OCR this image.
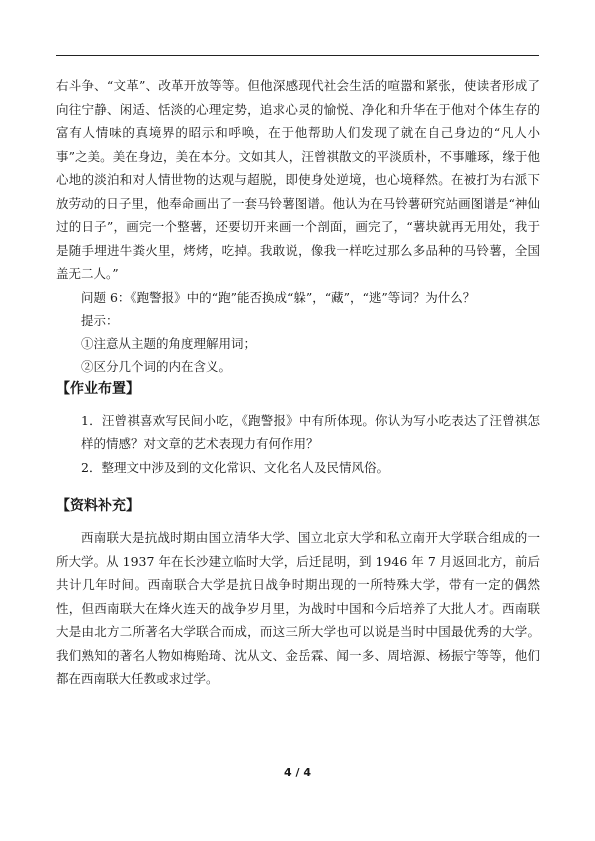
右斗争、“文革”、改革开放等等。但他深感现代社会生活的喧嚣和紧张，使读者形成了向往宁静、闲适、恬淡的心理定势，追求心灵的愉悦、净化和升华在于他对个体生存的富有人情味的真境界的昭示和呼唤，在于他帮助人们发现了就在自己身边的“凡人小事”之美。美在身边，美在本分。文如其人，汪曾祺散文的平淡质朴，不事雕琢，缘于他心地的淡泊和对人情世物的达观与超脱，即使身处逆境，也心境释然。在被打为右派下放劳动的日子里，他奉命画出了一套马铃薯图谱。他认为在马铃薯研究站画图谱是“神仙过的日子”，画完一个整薯，还要切开来画一个剖面，画完了，“薯块就再无用处，我于是随手埋进牛粪火里，烤烤，吃掉。我敢说，像我一样吃过那么多品种的马铃薯，全国盖无二人。”

问题 6：《跑警报》中的“跑”能否换成“躲”，“藏”，“逃”等词？为什么？

提示：

①注意从主题的角度理解用词；

②区分几个词的内在含义。

【作业布置】

1．汪曾祺喜欢写民间小吃，《跑警报》中有所体现。你认为写小吃表达了汪曾祺怎样的情感？对文章的艺术表现力有何作用？

2．整理文中涉及到的文化常识、文化名人及民情风俗。

【资料补充】

西南联大是抗战时期由国立清华大学、国立北京大学和私立南开大学联合组成的一所大学。从 1937 年在长沙建立临时大学，后迁昆明，到 1946 年 7 月返回北方，前后共计几年时间。西南联合大学是抗日战争时期出现的一所特殊大学，带有一定的偶然性，但西南联大在烽火连天的战争岁月里，为战时中国和今后培养了大批人才。西南联大是由北方二所著名大学联合而成，而这三所大学也可以说是当时中国最优秀的大学。我们熟知的著名人物如梅贻琦、沈从文、金岳霖、闻一多、周培源、杨振宁等等，他们都在西南联大任教或求过学。

4 / 4
